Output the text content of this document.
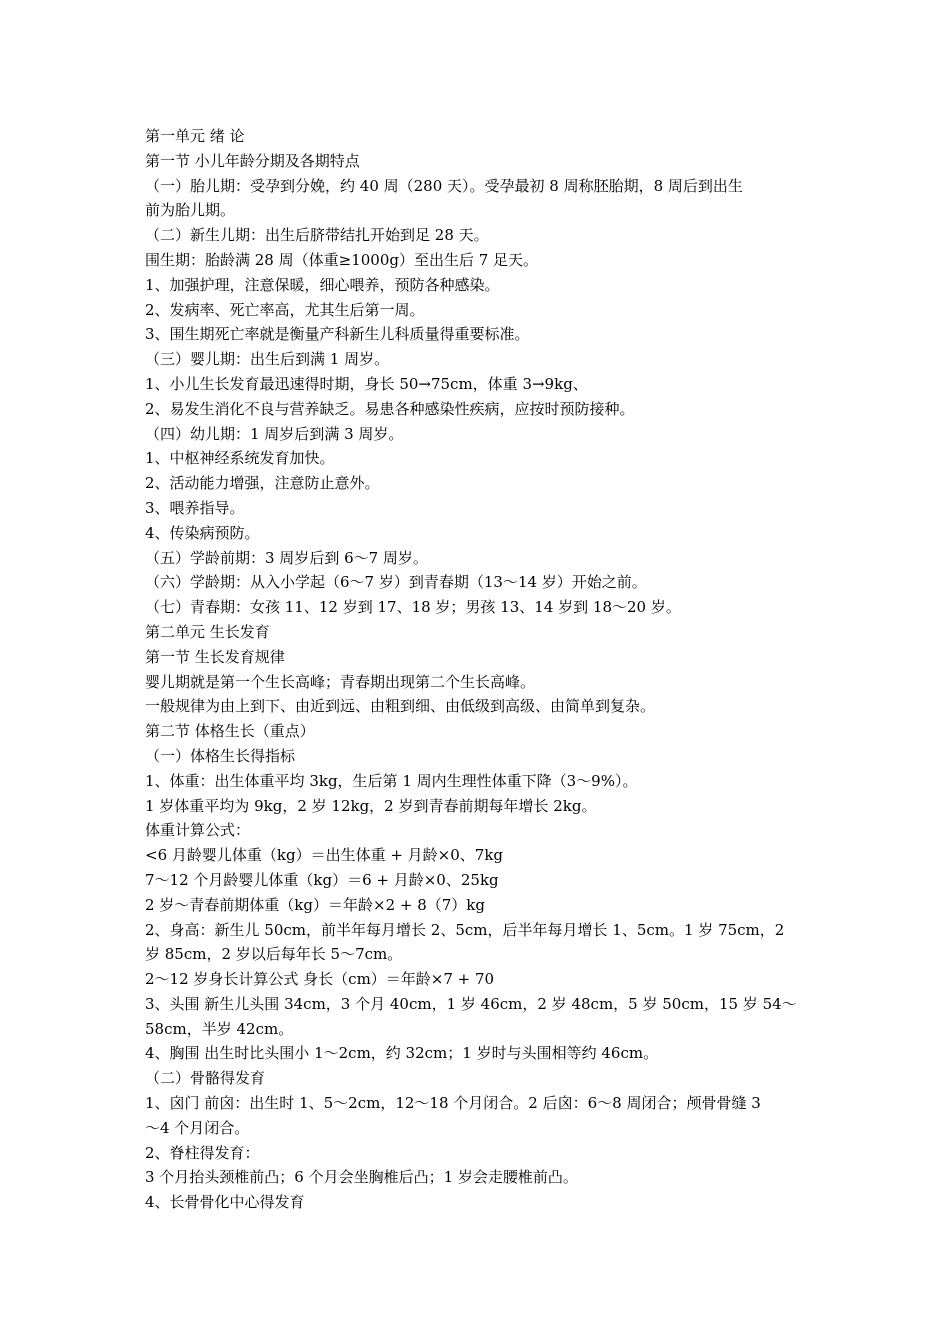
第一单元 绪 论
第一节 小儿年龄分期及各期特点
（一）胎儿期：受孕到分娩，约 40 周（280 天）。受孕最初 8 周称胚胎期，8 周后到出生
前为胎儿期。
（二）新生儿期：出生后脐带结扎开始到足 28 天。
围生期：胎龄满 28 周（体重≥1000g）至出生后 7 足天。
1、加强护理，注意保暖，细心喂养，预防各种感染。
2、发病率、死亡率高，尤其生后第一周。
3、围生期死亡率就是衡量产科新生儿科质量得重要标准。
（三）婴儿期：出生后到满 1 周岁。
1、小儿生长发育最迅速得时期，身长 50→75cm，体重 3→9kg、
2、易发生消化不良与营养缺乏。易患各种感染性疾病，应按时预防接种。
（四）幼儿期：1 周岁后到满 3 周岁。
1、中枢神经系统发育加快。
2、活动能力增强，注意防止意外。
3、喂养指导。
4、传染病预防。
（五）学龄前期：3 周岁后到 6～7 周岁。
（六）学龄期：从入小学起（6～7 岁）到青春期（13～14 岁）开始之前。
（七）青春期：女孩 11、12 岁到 17、18 岁；男孩 13、14 岁到 18～20 岁。
第二单元 生长发育
第一节 生长发育规律
婴儿期就是第一个生长高峰；青春期出现第二个生长高峰。
一般规律为由上到下、由近到远、由粗到细、由低级到高级、由简单到复杂。
第二节 体格生长（重点）
（一）体格生长得指标
1、体重：出生体重平均 3kg，生后第 1 周内生理性体重下降（3～9%）。
1 岁体重平均为 9kg，2 岁 12kg，2 岁到青春前期每年增长 2kg。
体重计算公式：
<6 月龄婴儿体重（kg）＝出生体重 + 月龄×0、7kg
7～12 个月龄婴儿体重（kg）＝6 + 月龄×0、25kg
2 岁～青春前期体重（kg）＝年龄×2 + 8（7）kg
2、身高：新生儿 50cm，前半年每月增长 2、5cm，后半年每月增长 1、5cm。1 岁 75cm，2
岁 85cm，2 岁以后每年长 5～7cm。
2～12 岁身长计算公式 身长（cm）＝年龄×7 + 70
3、头围 新生儿头围 34cm，3 个月 40cm，1 岁 46cm，2 岁 48cm，5 岁 50cm，15 岁 54～
58cm，半岁 42cm。
4、胸围 出生时比头围小 1～2cm，约 32cm；1 岁时与头围相等约 46cm。
（二）骨骼得发育
1、囟门 前囟：出生时 1、5～2cm，12～18 个月闭合。2 后囟：6～8 周闭合；颅骨骨缝 3
～4 个月闭合。
2、脊柱得发育：
3 个月抬头颈椎前凸；6 个月会坐胸椎后凸；1 岁会走腰椎前凸。
4、长骨骨化中心得发育
